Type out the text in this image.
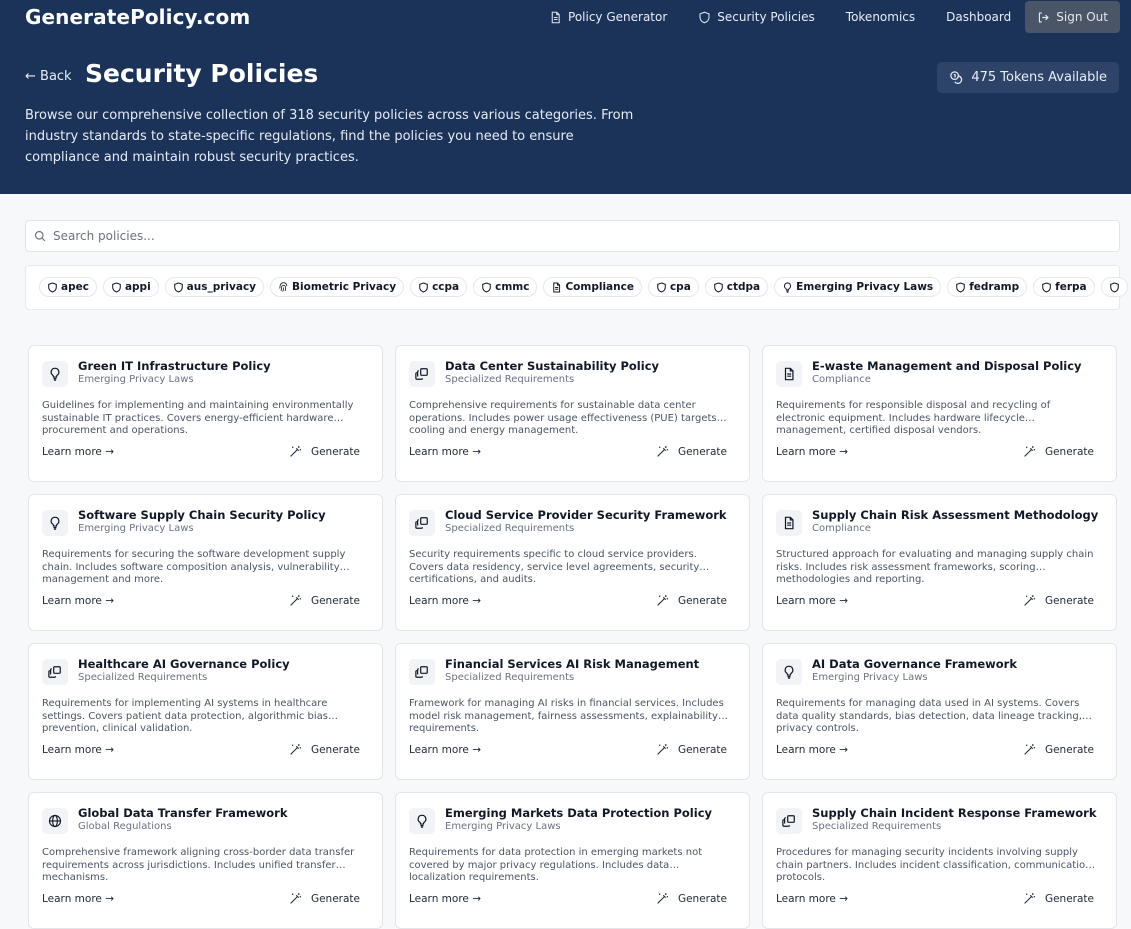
GeneratePolicy.com	Policy Generator	Security Policies	Tokenomics	Dashboard	Sign Out
← Back Security Policies	475 Tokens Available
Browse our comprehensive collection of 318 security policies across various categories. From industry standards to state-specific regulations, find the policies you need to ensure compliance and maintain robust security practices.
Search policies...
apec	appi	aus_privacy	Biometric Privacy	ccpa	cmmc	Compliance	cpa	ctdpa	Emerging Privacy Laws	fedramp	ferpa
Green IT Infrastructure Policy
Emerging Privacy Laws
Guidelines for implementing and maintaining environmentally sustainable IT practices. Covers energy-efficient hardware procurement and operations.
Learn more →	Generate
Data Center Sustainability Policy
Specialized Requirements
Comprehensive requirements for sustainable data center operations. Includes power usage effectiveness (PUE) targets, cooling and energy management.
Learn more →	Generate
E-waste Management and Disposal Policy
Compliance
Requirements for responsible disposal and recycling of electronic equipment. Includes hardware lifecycle management, certified disposal vendors.
Learn more →	Generate
Software Supply Chain Security Policy
Emerging Privacy Laws
Requirements for securing the software development supply chain. Includes software composition analysis, vulnerability management and more.
Learn more →	Generate
Cloud Service Provider Security Framework
Specialized Requirements
Security requirements specific to cloud service providers. Covers data residency, service level agreements, security certifications, and audits.
Learn more →	Generate
Supply Chain Risk Assessment Methodology
Compliance
Structured approach for evaluating and managing supply chain risks. Includes risk assessment frameworks, scoring methodologies and reporting.
Learn more →	Generate
Healthcare AI Governance Policy
Specialized Requirements
Requirements for implementing AI systems in healthcare settings. Covers patient data protection, algorithmic bias prevention, clinical validation.
Learn more →	Generate
Financial Services AI Risk Management
Specialized Requirements
Framework for managing AI risks in financial services. Includes model risk management, fairness assessments, explainability requirements.
Learn more →	Generate
AI Data Governance Framework
Emerging Privacy Laws
Requirements for managing data used in AI systems. Covers data quality standards, bias detection, data lineage tracking, privacy controls.
Learn more →	Generate
Global Data Transfer Framework
Global Regulations
Comprehensive framework aligning cross-border data transfer requirements across jurisdictions. Includes unified transfer mechanisms.
Learn more →	Generate
Emerging Markets Data Protection Policy
Emerging Privacy Laws
Requirements for data protection in emerging markets not covered by major privacy regulations. Includes data localization requirements.
Learn more →	Generate
Supply Chain Incident Response Framework
Specialized Requirements
Procedures for managing security incidents involving supply chain partners. Includes incident classification, communication protocols.
Learn more →	Generate
